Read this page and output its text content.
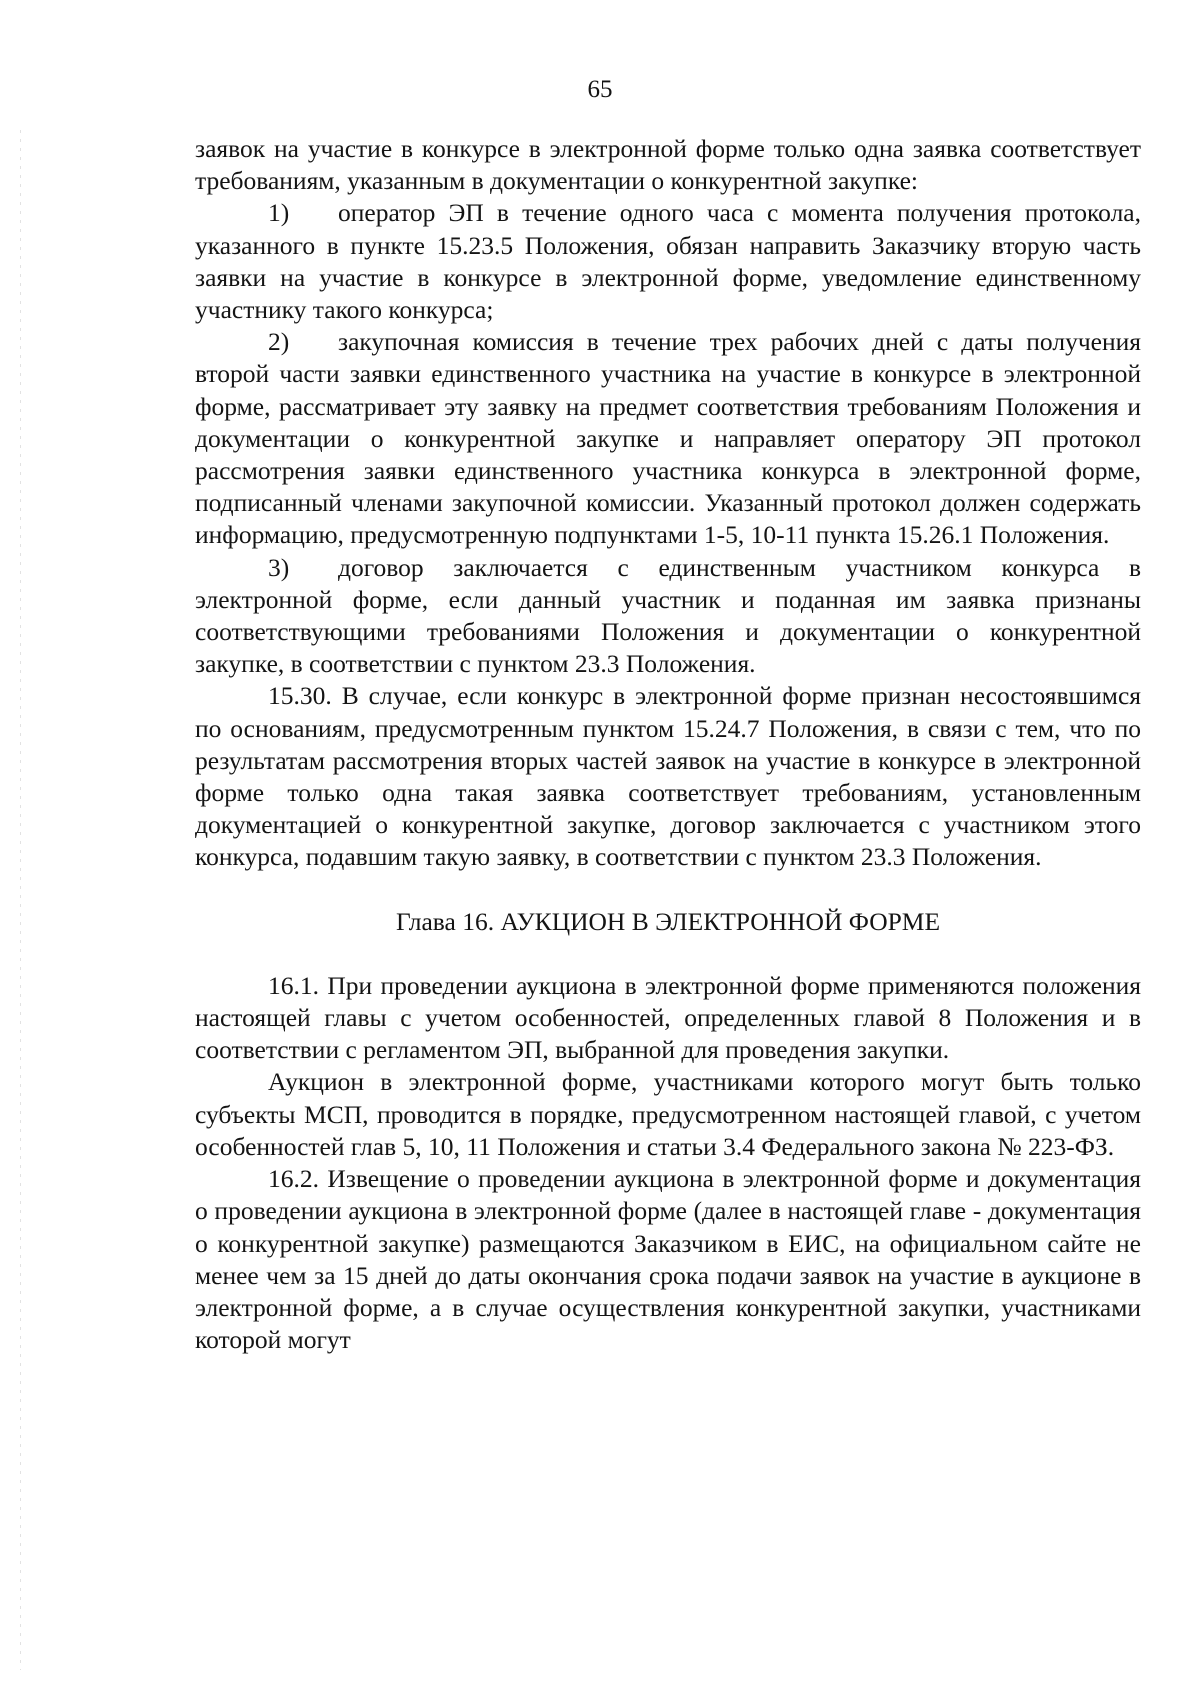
65

заявок на участие в конкурсе в электронной форме только одна заявка соответствует требованиям, указанным в документации о конкурентной закупке:

1) оператор ЭП в течение одного часа с момента получения протокола, указанного в пункте 15.23.5 Положения, обязан направить Заказчику вторую часть заявки на участие в конкурсе в электронной форме, уведомление единственному участнику такого конкурса;

2) закупочная комиссия в течение трех рабочих дней с даты получения второй части заявки единственного участника на участие в конкурсе в электронной форме, рассматривает эту заявку на предмет соответствия требованиям Положения и документации о конкурентной закупке и направляет оператору ЭП протокол рассмотрения заявки единственного участника конкурса в электронной форме, подписанный членами закупочной комиссии. Указанный протокол должен содержать информацию, предусмотренную подпунктами 1-5, 10-11 пункта 15.26.1 Положения.

3) договор заключается с единственным участником конкурса в электронной форме, если данный участник и поданная им заявка признаны соответствующими требованиями Положения и документации о конкурентной закупке, в соответствии с пунктом 23.3 Положения.

15.30. В случае, если конкурс в электронной форме признан несостоявшимся по основаниям, предусмотренным пунктом 15.24.7 Положения, в связи с тем, что по результатам рассмотрения вторых частей заявок на участие в конкурсе в электронной форме только одна такая заявка соответствует требованиям, установленным документацией о конкурентной закупке, договор заключается с участником этого конкурса, подавшим такую заявку, в соответствии с пунктом 23.3 Положения.

Глава 16. АУКЦИОН В ЭЛЕКТРОННОЙ ФОРМЕ

16.1. При проведении аукциона в электронной форме применяются положения настоящей главы с учетом особенностей, определенных главой 8 Положения и в соответствии с регламентом ЭП, выбранной для проведения закупки.

Аукцион в электронной форме, участниками которого могут быть только субъекты МСП, проводится в порядке, предусмотренном настоящей главой, с учетом особенностей глав 5, 10, 11 Положения и статьи 3.4 Федерального закона № 223-ФЗ.

16.2. Извещение о проведении аукциона в электронной форме и документация о проведении аукциона в электронной форме (далее в настоящей главе - документация о конкурентной закупке) размещаются Заказчиком в ЕИС, на официальном сайте не менее чем за 15 дней до даты окончания срока подачи заявок на участие в аукционе в электронной форме, а в случае осуществления конкурентной закупки, участниками которой могут
